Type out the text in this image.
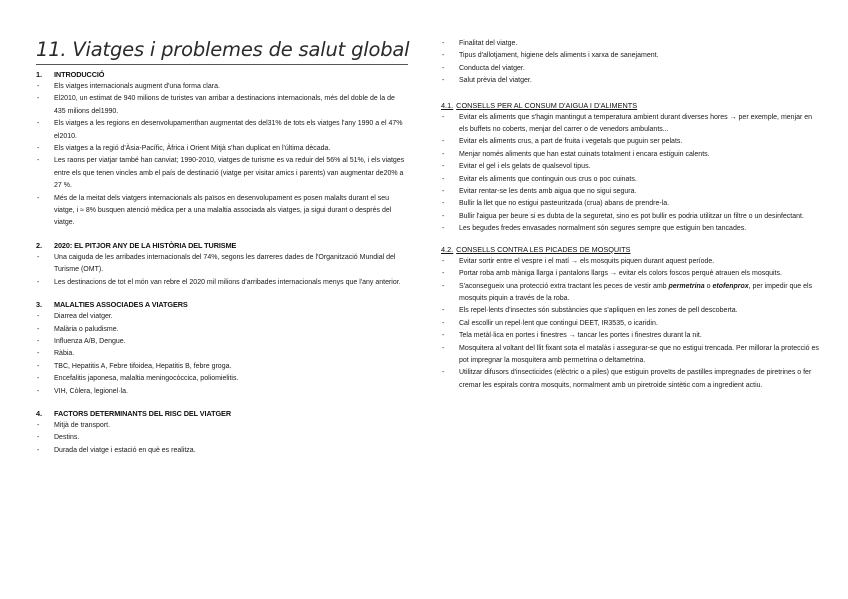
11. Viatges i problemes de salut global
1.	INTRODUCCIÓ
- Els viatges internacionals augment d'una forma clara.
- El2010, un estimat de 940 milions de turistes van arribar a destinacions internacionals, més del doble de la de 435 milions del1990.
- Els viatges a les regions en desenvolupamenthan augmentat des del31% de tots els viatges l'any 1990 a el 47% el2010.
- Els viatges a la regió d'Àsia-Pacífic, Àfrica i Orient Mitjà s'han duplicat en l'última dècada.
- Les raons per viatjar també han canviat; 1990-2010, viatges de turisme es va reduir del 56% al 51%, i els viatges entre els que tenen vincles amb el país de destinació (viatge per visitar amics i parents) van augmentar de20% a 27 %.
- Més de la meitat dels viatgers internacionals als països en desenvolupament es posen malalts durant el seu viatge, i ≈ 8% busquen atenció mèdica per a una malaltia associada als viatges, ja sigui durant o després del viatge.
2.	2020: EL PITJOR ANY DE LA HISTÒRIA DEL TURISME
- Una caiguda de les arribades internacionals del 74%, segons les darreres dades de l'Organització Mundial del Turisme (OMT).
- Les destinacions de tot el món van rebre el 2020 mil milions d'arribades internacionals menys que l'any anterior.
3.	MALALTIES ASSOCIADES A VIATGERS
- Diarrea del viatger.
- Malària o paludisme.
- Influenza A/B, Dengue.
- Ràbia.
- TBC, Hepatitis A, Febre tifoidea, Hepatitis B, febre groga.
- Encefalitis japonesa, malaltia meningocòccica, poliomielitis.
- VIH, Còlera, legionel·la.
4.	FACTORS DETERMINANTS DEL RISC DEL VIATGER
- Mitjà de transport.
- Destins.
- Durada del viatge i estació en què es realitza.
- Finalitat del viatge.
- Tipus d'allotjament, higiene dels aliments i xarxa de sanejament.
- Conducta del viatger.
- Salut prèvia del viatger.
4.1. CONSELLS PER AL CONSUM D'AIGUA I D'ALIMENTS
- Evitar els aliments que s'hagin mantingut a temperatura ambient durant diverses hores → per exemple, menjar en els buffets no coberts, menjar del carrer o de venedors ambulants...
- Evitar els aliments crus, a part de fruita i vegetals que puguin ser pelats.
- Menjar només aliments que han estat cuinats totalment i encara estiguin calents.
- Evitar el gel i els gelats de qualsevol tipus.
- Evitar els aliments que continguin ous crus o poc cuinats.
- Evitar rentar-se les dents amb aigua que no sigui segura.
- Bullir la llet que no estigui pasteuritzada (crua) abans de prendre-la.
- Bullir l'aigua per beure si es dubta de la seguretat, sino es pot bullir es podria utilitzar un filtre o un desinfectant.
- Les begudes fredes envasades normalment són segures sempre que estiguin ben tancades.
4.2. CONSELLS CONTRA LES PICADES DE MOSQUITS
- Evitar sortir entre el vespre i el matí → els mosquits piquen durant aquest període.
- Portar roba amb màniga llarga i pantalons llargs → evitar els colors foscos perquè atrauen els mosquits.
- S'aconsegueix una protecció extra tractant les peces de vestir amb permetrina o etofenprox, per impedir que els mosquits piquin a través de la roba.
- Els repel·lents d'insectes són substàncies que s'apliquen en les zones de pell descoberta.
- Cal escollir un repel·lent que contingui DEET, IR3535, o icaridin.
- Tela metàl·lica en portes i finestres → tancar les portes i finestres durant la nit.
- Mosquitera al voltant del llit fixant sota el matalàs i assegurar-se que no estigui trencada. Per millorar la protecció es pot impregnar la mosquitera amb permetrina o deltametrina.
- Utilitzar difusors d'insecticides (elèctric o a piles) que estiguin proveïts de pastilles impregnades de piretrines o fer cremar les espirals contra mosquits, normalment amb un piretroide sintètic com a ingredient actiu.
